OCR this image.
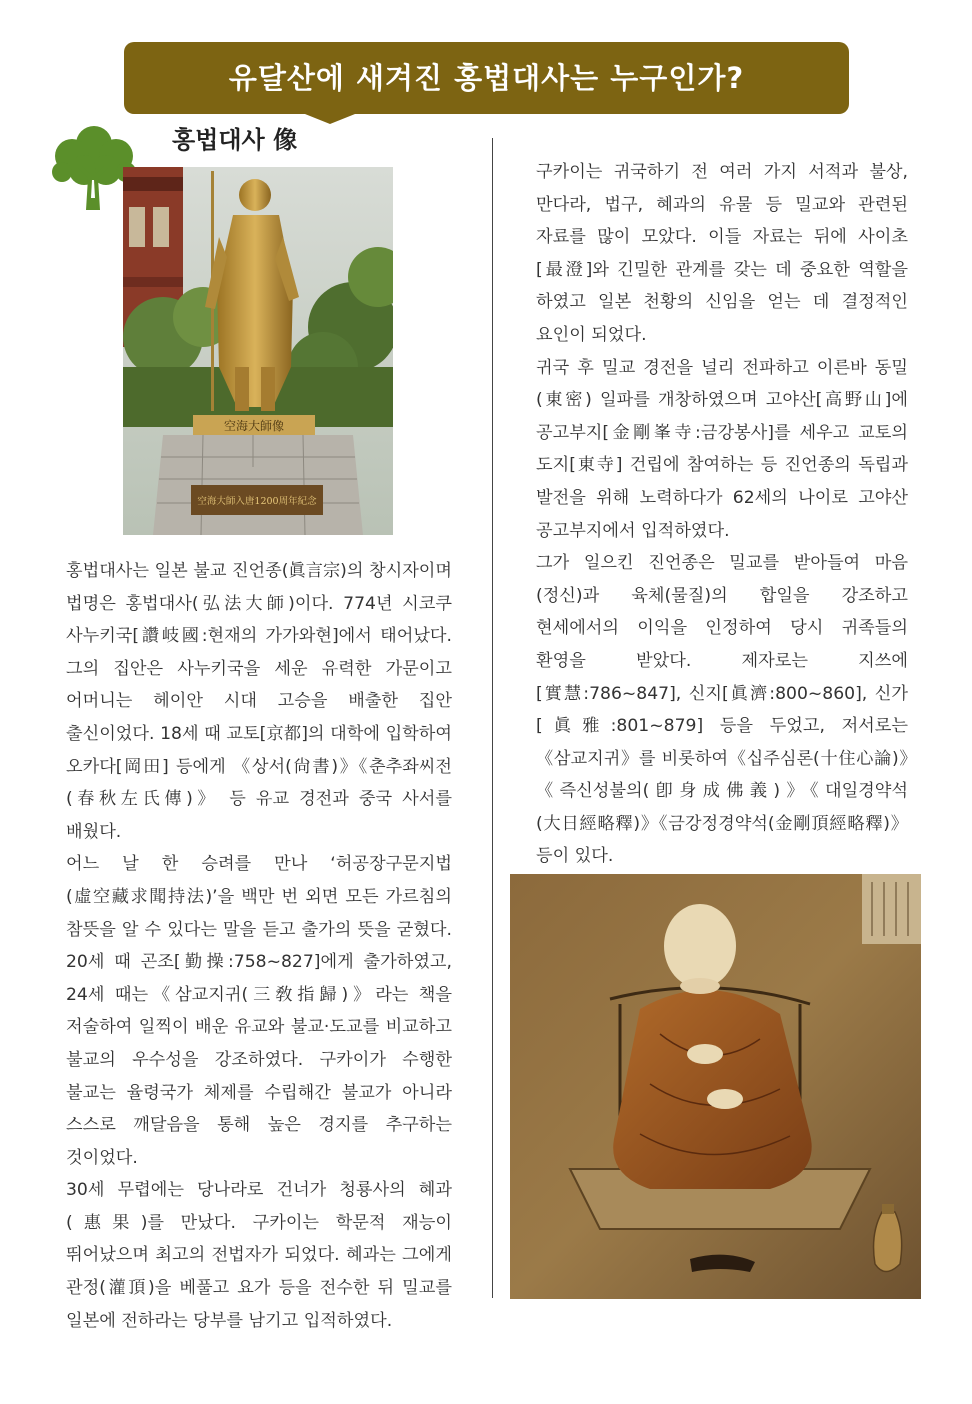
유달산에 새겨진 홍법대사는 누구인가?
홍법대사 像
空海大師像
空海大師入唐1200周年紀念

홍법대사는 일본 불교 진언종(眞言宗)의 창시자이며 법명은 홍법대사(弘法大師)이다. 774년 시코쿠 사누키국[讚岐國:현재의 가가와현]에서 태어났다. 그의 집안은 사누키국을 세운 유력한 가문이고 어머니는 헤이안 시대 고승을 배출한 집안 출신이었다. 18세 때 교토[京都]의 대학에 입학하여 오카다[岡田] 등에게 《상서(尙書)》《춘추좌씨전(春秋左氏傳)》 등 유교 경전과 중국 사서를 배웠다.

어느 날 한 승려를 만나 ‘허공장구문지법(虛空藏求聞持法)’을 백만 번 외면 모든 가르침의 참뜻을 알 수 있다는 말을 듣고 출가의 뜻을 굳혔다. 20세 때 곤조[勤操:758~827]에게 출가하였고, 24세 때는《삼교지귀(三敎指歸)》라는 책을 저술하여 일찍이 배운 유교와 불교·도교를 비교하고 불교의 우수성을 강조하였다. 구카이가 수행한 불교는 율령국가 체제를 수립해간 불교가 아니라 스스로 깨달음을 통해 높은 경지를 추구하는 것이었다.

30세 무렵에는 당나라로 건너가 청룡사의 혜과(惠果)를 만났다. 구카이는 학문적 재능이 뛰어났으며 최고의 전법자가 되었다. 혜과는 그에게 관정(灌頂)을 베풀고 요가 등을 전수한 뒤 밀교를 일본에 전하라는 당부를 남기고 입적하였다.

구카이는 귀국하기 전 여러 가지 서적과 불상, 만다라, 법구, 혜과의 유물 등 밀교와 관련된 자료를 많이 모았다. 이들 자료는 뒤에 사이초[最澄]와 긴밀한 관계를 갖는 데 중요한 역할을 하였고 일본 천황의 신임을 얻는 데 결정적인 요인이 되었다.

귀국 후 밀교 경전을 널리 전파하고 이른바 동밀(東密) 일파를 개창하였으며 고야산[高野山]에 공고부지[金剛峯寺:금강봉사]를 세우고 교토의 도지[東寺] 건립에 참여하는 등 진언종의 독립과 발전을 위해 노력하다가 62세의 나이로 고야산 공고부지에서 입적하였다.

그가 일으킨 진언종은 밀교를 받아들여 마음(정신)과 육체(물질)의 합일을 강조하고 현세에서의 이익을 인정하여 당시 귀족들의 환영을 받았다. 제자로는 지쓰에[實慧:786~847], 신지[眞濟:800~860], 신가[眞雅:801~879] 등을 두었고, 저서로는《삼교지귀》를 비롯하여《십주심론(十住心論)》《즉신성불의(卽身成佛義)》《대일경약석(大日經略釋)》《금강정경약석(金剛頂經略釋)》 등이 있다.
